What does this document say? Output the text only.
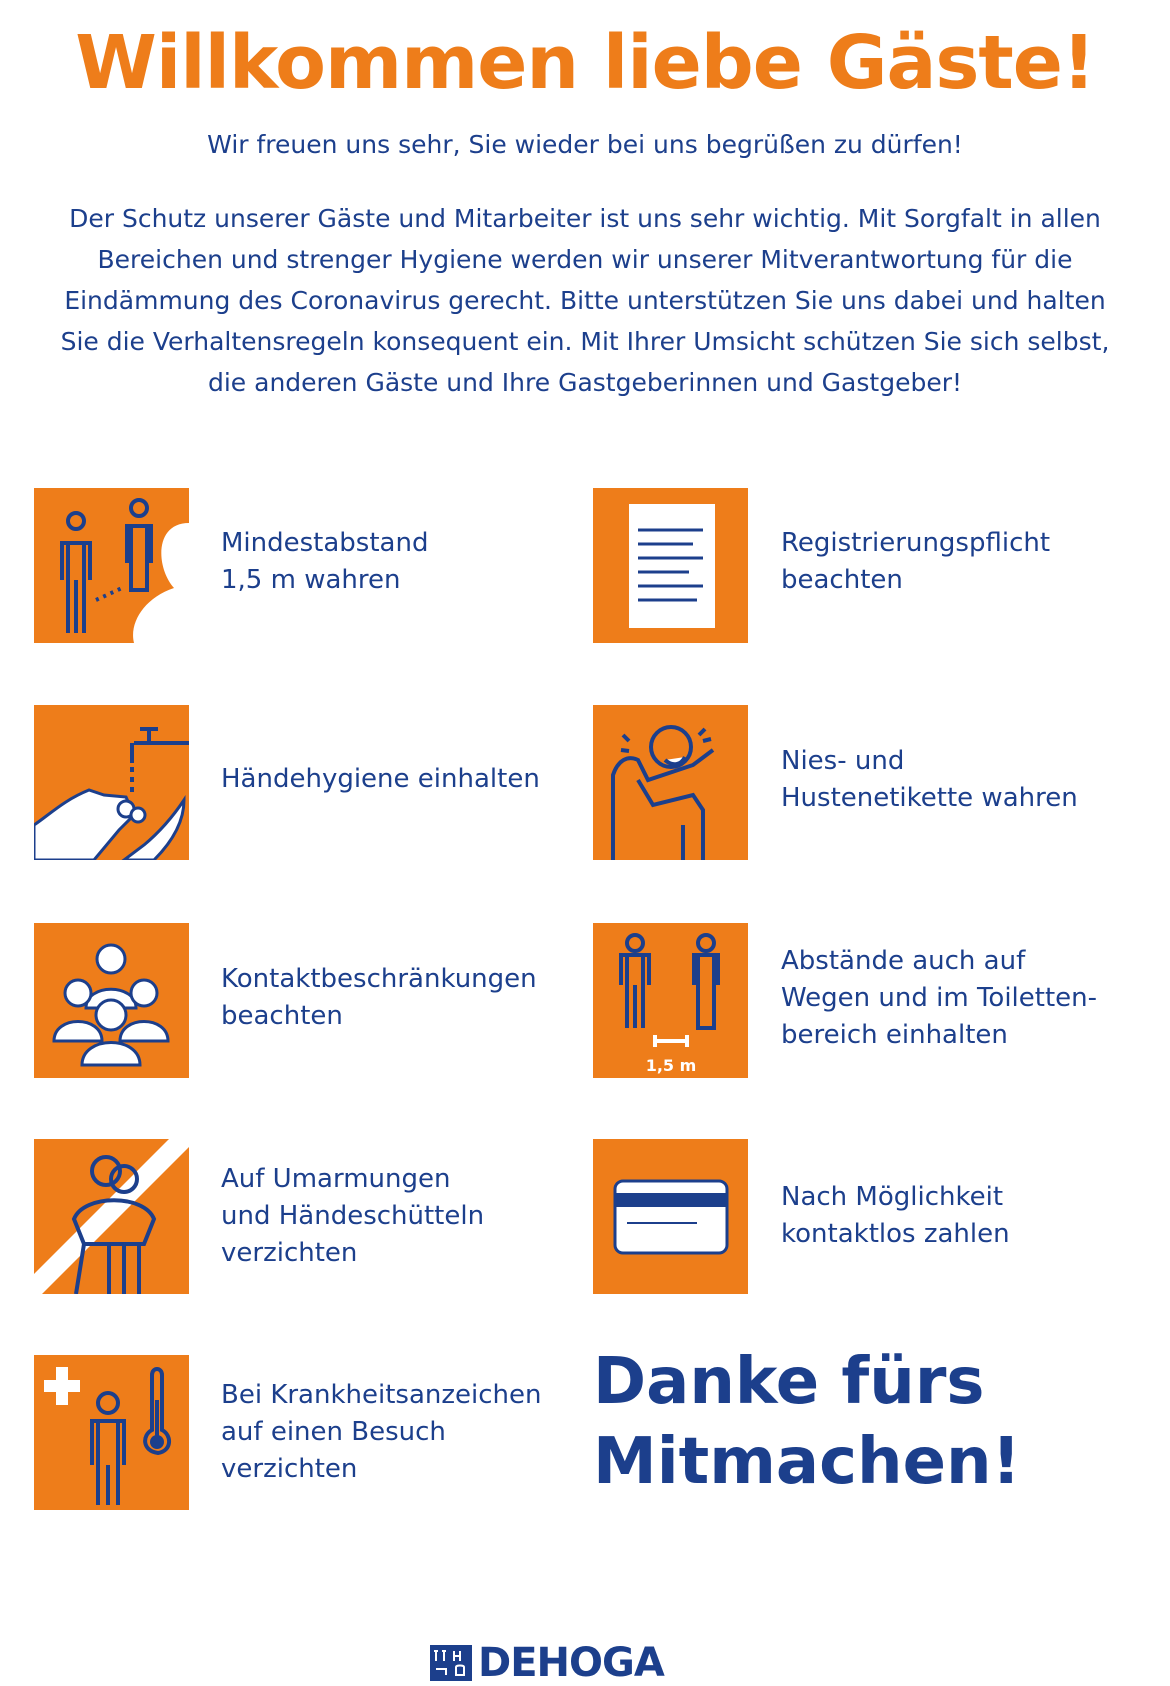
Willkommen liebe Gäste!

Wir freuen uns sehr, Sie wieder bei uns begrüßen zu dürfen!

Der Schutz unserer Gäste und Mitarbeiter ist uns sehr wichtig. Mit Sorgfalt in allen
Bereichen und strenger Hygiene werden wir unserer Mitverantwortung für die
Eindämmung des Coronavirus gerecht. Bitte unterstützen Sie uns dabei und halten
Sie die Verhaltensregeln konsequent ein. Mit Ihrer Umsicht schützen Sie sich selbst,
die anderen Gäste und Ihre Gastgeberinnen und Gastgeber!
Mindestabstand
1,5 m wahren
Registrierungspflicht
beachten
Händehygiene einhalten
Nies- und
Hustenetikette wahren
Kontaktbeschränkungen
beachten
1,5 m
Abstände auch auf
Wegen und im Toiletten-
bereich einhalten
Auf Umarmungen
und Händeschütteln
verzichten
Nach Möglichkeit
kontaktlos zahlen
Bei Krankheitsanzeichen
auf einen Besuch
verzichten
Danke fürs
Mitmachen!
DEHOGA
